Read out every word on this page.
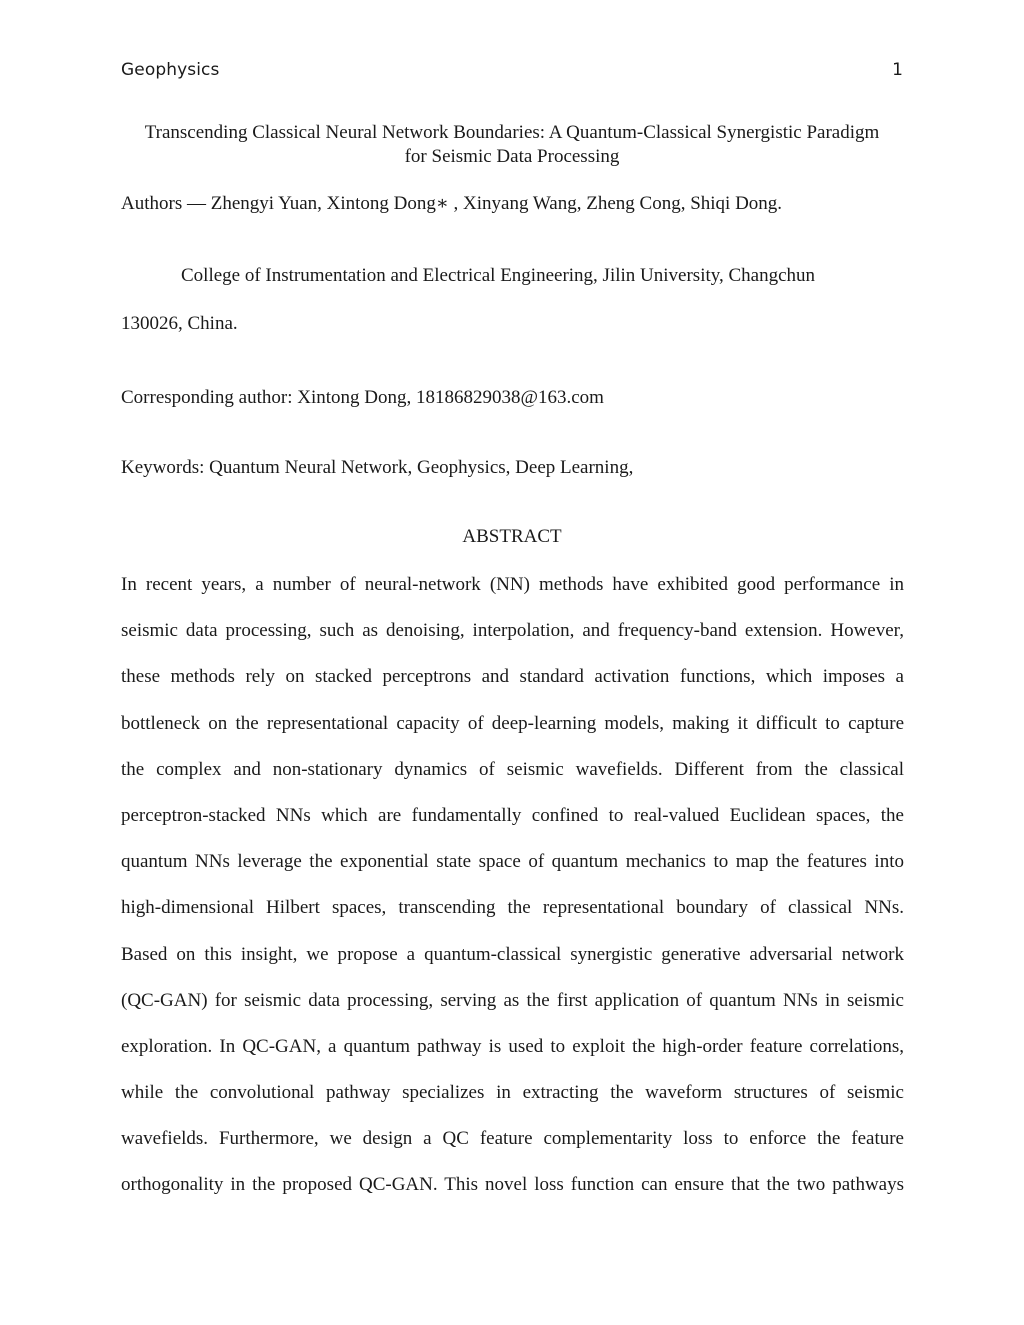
Geophysics	1
Transcending Classical Neural Network Boundaries: A Quantum-Classical Synergistic Paradigm
for Seismic Data Processing
Authors — Zhengyi Yuan, Xintong Dong∗ , Xinyang Wang, Zheng Cong, Shiqi Dong.
College of Instrumentation and Electrical Engineering, Jilin University, Changchun
130026, China.
Corresponding author: Xintong Dong, 18186829038@163.com
Keywords: Quantum Neural Network, Geophysics, Deep Learning,
ABSTRACT
In recent years, a number of neural-network (NN) methods have exhibited good performance in
seismic data processing, such as denoising, interpolation, and frequency-band extension. However,
these methods rely on stacked perceptrons and standard activation functions, which imposes a
bottleneck on the representational capacity of deep-learning models, making it difficult to capture
the complex and non-stationary dynamics of seismic wavefields. Different from the classical
perceptron-stacked NNs which are fundamentally confined to real-valued Euclidean spaces, the
quantum NNs leverage the exponential state space of quantum mechanics to map the features into
high-dimensional Hilbert spaces, transcending the representational boundary of classical NNs.
Based on this insight, we propose a quantum-classical synergistic generative adversarial network
(QC-GAN) for seismic data processing, serving as the first application of quantum NNs in seismic
exploration. In QC-GAN, a quantum pathway is used to exploit the high-order feature correlations,
while the convolutional pathway specializes in extracting the waveform structures of seismic
wavefields. Furthermore, we design a QC feature complementarity loss to enforce the feature
orthogonality in the proposed QC-GAN. This novel loss function can ensure that the two pathways
